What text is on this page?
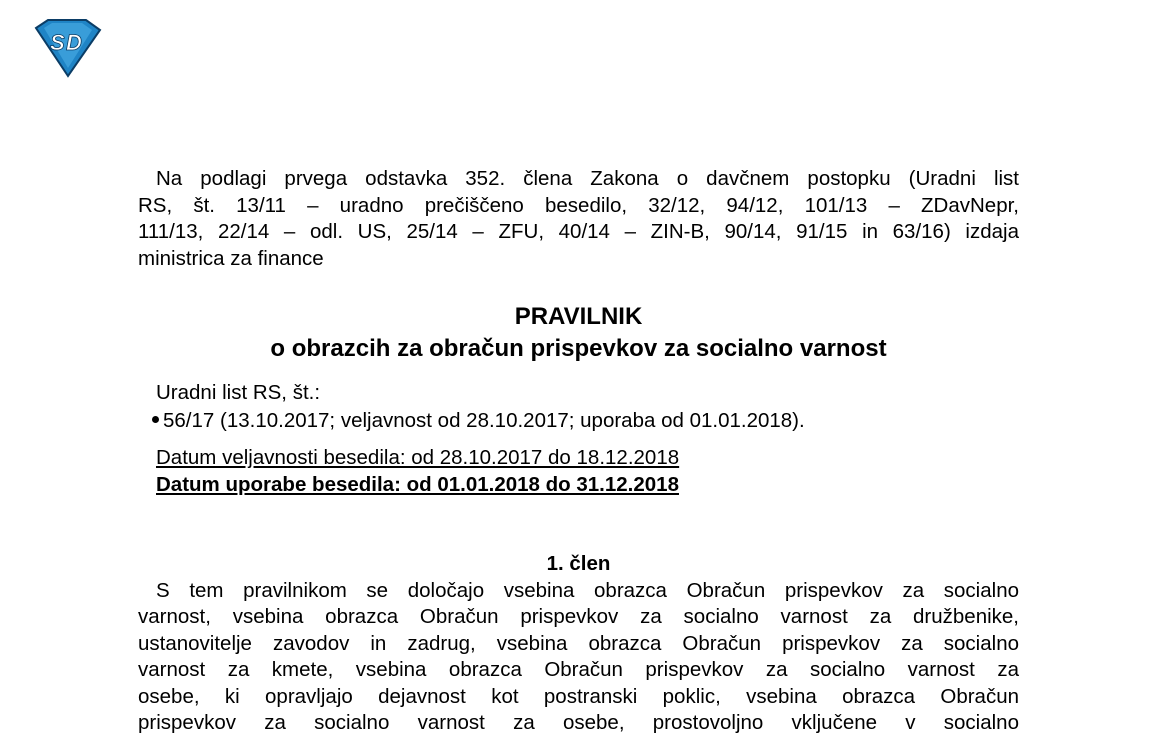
S D

Na podlagi prvega odstavka 352. člena Zakona o davčnem postopku (Uradni list

RS, št. 13/11 – uradno prečiščeno besedilo, 32/12, 94/12, 101/13 – ZDavNepr,

111/13, 22/14 – odl. US, 25/14 – ZFU, 40/14 – ZIN-B, 90/14, 91/15 in 63/16) izdaja

ministrica za finance

PRAVILNIK
o obrazcih za obračun prispevkov za socialno varnost
Uradni list RS, št.:
56/17 (13.10.2017; veljavnost od 28.10.2017; uporaba od 01.01.2018).
Datum veljavnosti besedila: od 28.10.2017 do 18.12.2018
Datum uporabe besedila: od 01.01.2018 do 31.12.2018
1. člen

S tem pravilnikom se določajo vsebina obrazca Obračun prispevkov za socialno

varnost, vsebina obrazca Obračun prispevkov za socialno varnost za družbenike,

ustanovitelje zavodov in zadrug, vsebina obrazca Obračun prispevkov za socialno

varnost za kmete, vsebina obrazca Obračun prispevkov za socialno varnost za

osebe, ki opravljajo dejavnost kot postranski poklic, vsebina obrazca Obračun

prispevkov za socialno varnost za osebe, prostovoljno vključene v socialno
